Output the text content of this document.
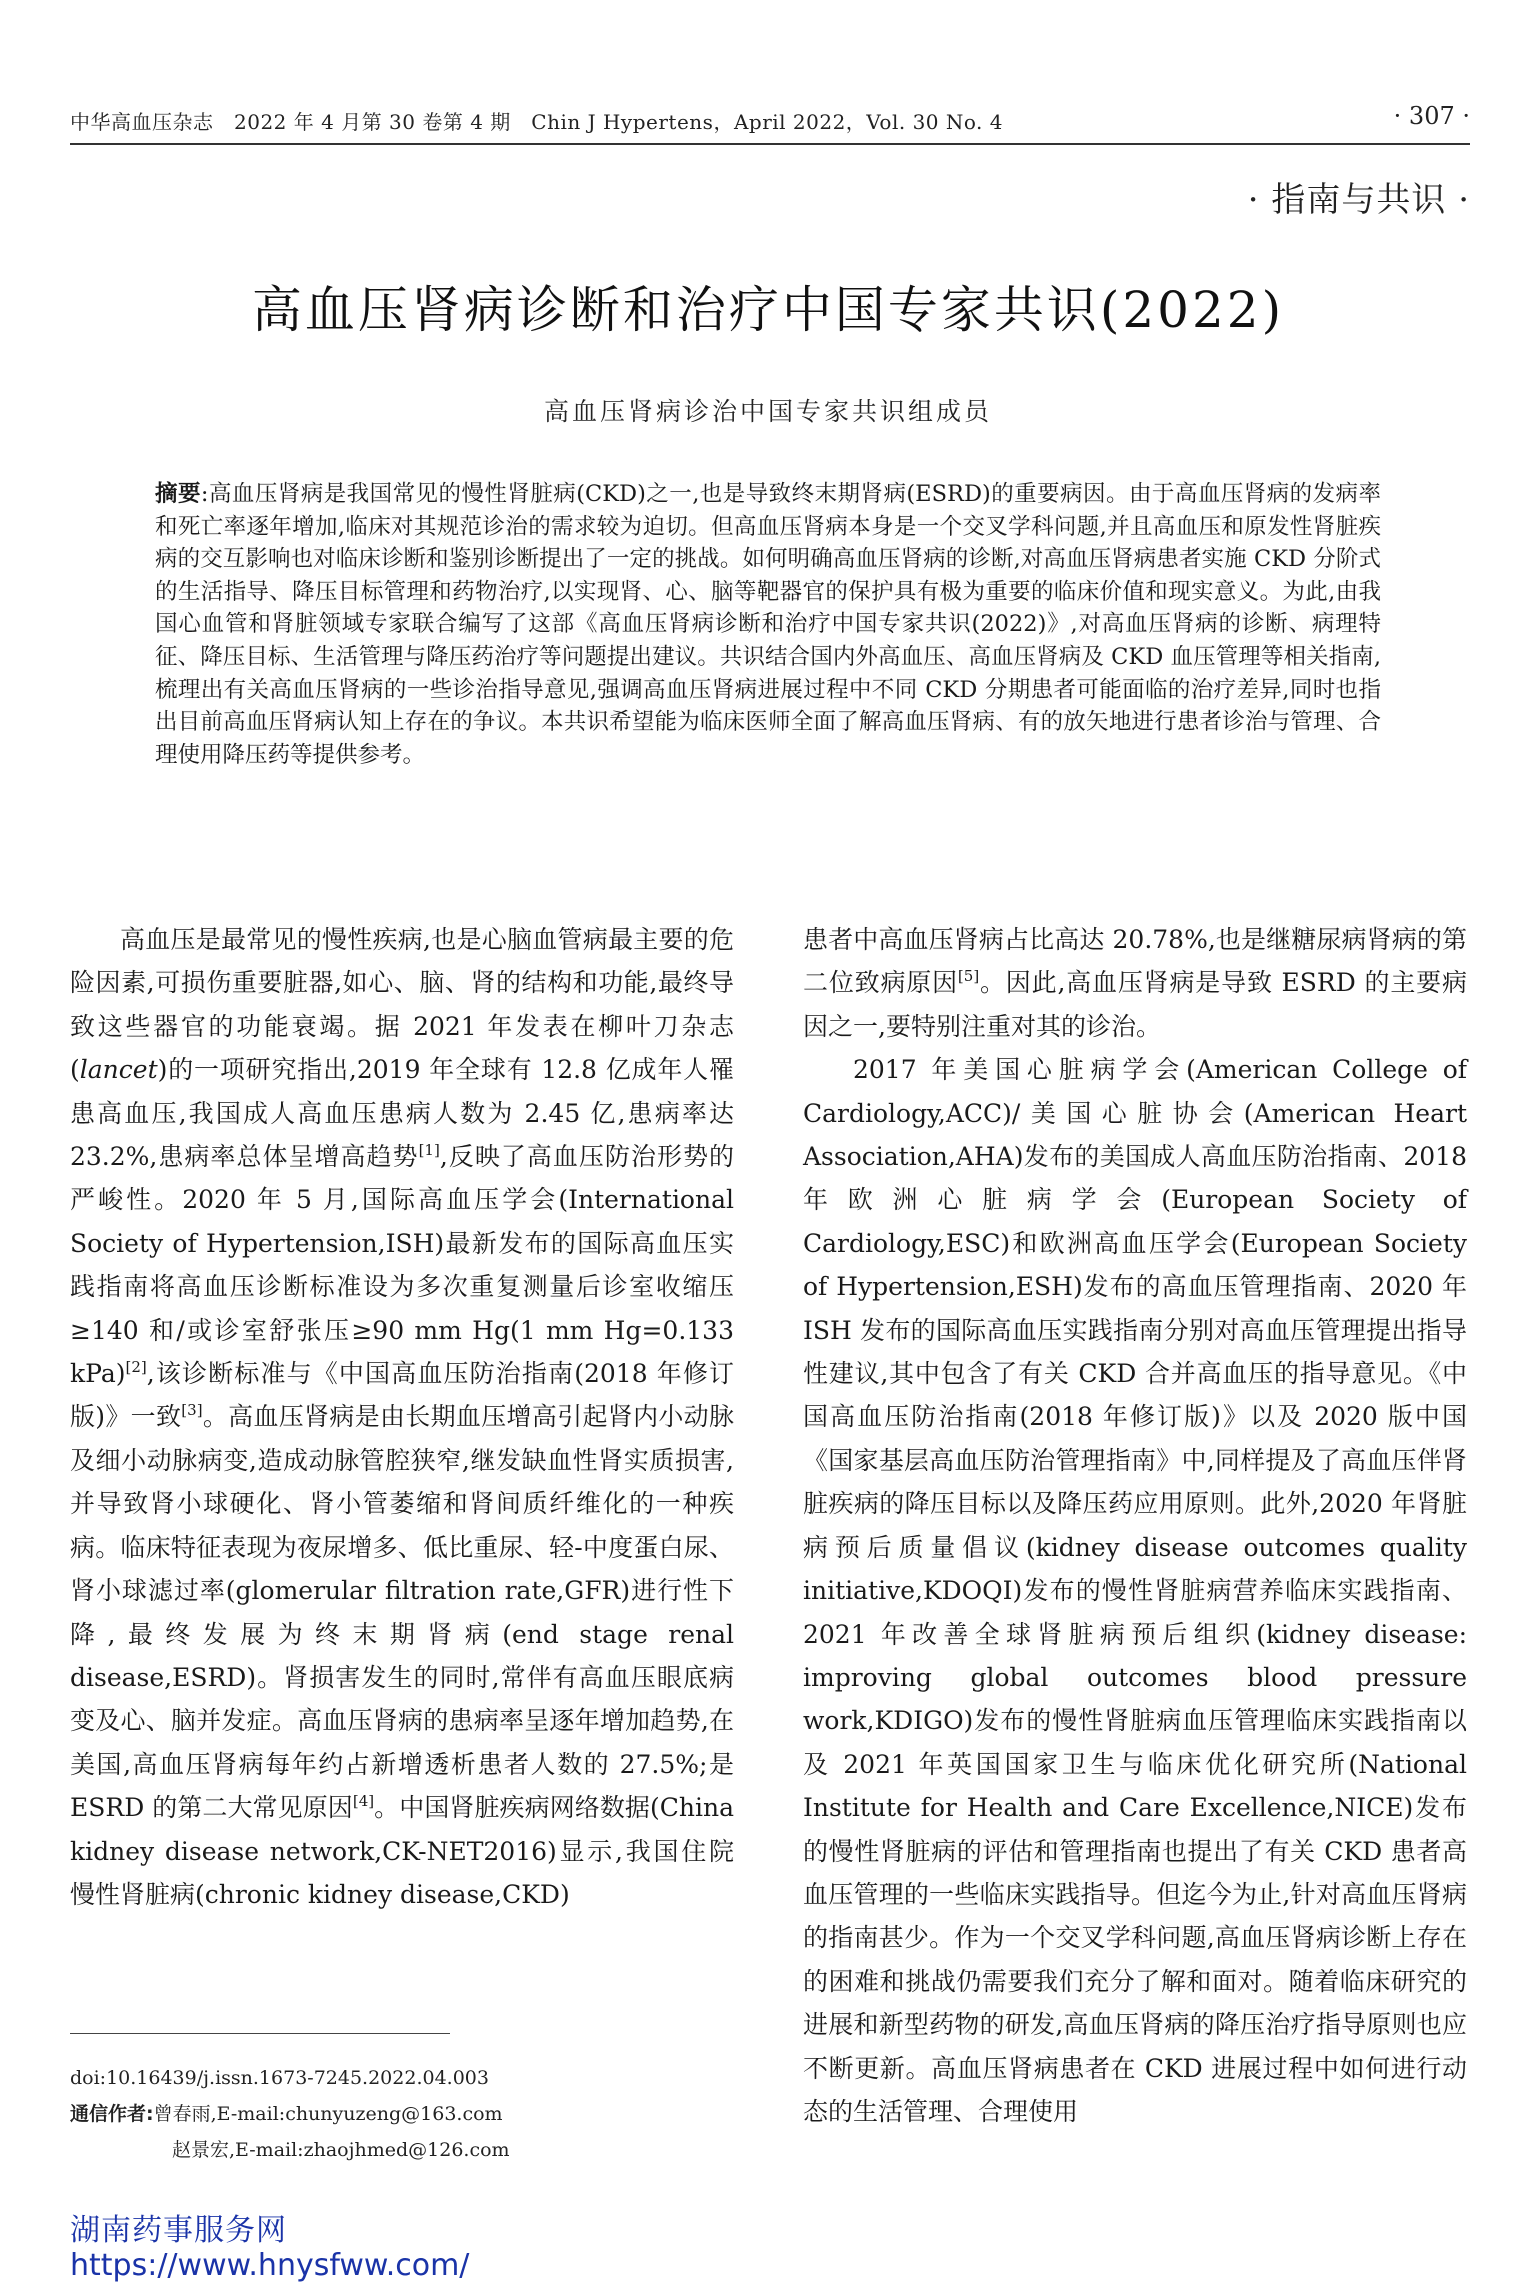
中华高血压杂志　2022 年 4 月第 30 卷第 4 期　Chin J Hypertens，April 2022，Vol. 30 No. 4	· 307 ·
· 指南与共识 ·
高血压肾病诊断和治疗中国专家共识(2022)
高血压肾病诊治中国专家共识组成员
摘要:高血压肾病是我国常见的慢性肾脏病(CKD)之一,也是导致终末期肾病(ESRD)的重要病因。由于高血压肾病的发病率和死亡率逐年增加,临床对其规范诊治的需求较为迫切。但高血压肾病本身是一个交叉学科问题,并且高血压和原发性肾脏疾病的交互影响也对临床诊断和鉴别诊断提出了一定的挑战。如何明确高血压肾病的诊断,对高血压肾病患者实施 CKD 分阶式的生活指导、降压目标管理和药物治疗,以实现肾、心、脑等靶器官的保护具有极为重要的临床价值和现实意义。为此,由我国心血管和肾脏领域专家联合编写了这部《高血压肾病诊断和治疗中国专家共识(2022)》,对高血压肾病的诊断、病理特征、降压目标、生活管理与降压药治疗等问题提出建议。共识结合国内外高血压、高血压肾病及 CKD 血压管理等相关指南,梳理出有关高血压肾病的一些诊治指导意见,强调高血压肾病进展过程中不同 CKD 分期患者可能面临的治疗差异,同时也指出目前高血压肾病认知上存在的争议。本共识希望能为临床医师全面了解高血压肾病、有的放矢地进行患者诊治与管理、合理使用降压药等提供参考。

高血压是最常见的慢性疾病,也是心脑血管病最主要的危险因素,可损伤重要脏器,如心、脑、肾的结构和功能,最终导致这些器官的功能衰竭。据 2021 年发表在柳叶刀杂志(lancet)的一项研究指出,2019 年全球有 12.8 亿成年人罹患高血压,我国成人高血压患病人数为 2.45 亿,患病率达 23.2%,患病率总体呈增高趋势[1],反映了高血压防治形势的严峻性。2020 年 5 月,国际高血压学会(International Society of Hypertension,ISH)最新发布的国际高血压实践指南将高血压诊断标准设为多次重复测量后诊室收缩压≥140 和/或诊室舒张压≥90 mm Hg(1 mm Hg=0.133 kPa)[2],该诊断标准与《中国高血压防治指南(2018 年修订版)》一致[3]。高血压肾病是由长期血压增高引起肾内小动脉及细小动脉病变,造成动脉管腔狭窄,继发缺血性肾实质损害,并导致肾小球硬化、肾小管萎缩和肾间质纤维化的一种疾病。临床特征表现为夜尿增多、低比重尿、轻-中度蛋白尿、肾小球滤过率(glomerular filtration rate,GFR)进行性下降,最终发展为终末期肾病(end stage renal disease,ESRD)。肾损害发生的同时,常伴有高血压眼底病变及心、脑并发症。高血压肾病的患病率呈逐年增加趋势,在美国,高血压肾病每年约占新增透析患者人数的 27.5%;是 ESRD 的第二大常见原因[4]。中国肾脏疾病网络数据(China kidney disease network,CK-NET2016)显示,我国住院慢性肾脏病(chronic kidney disease,CKD)

患者中高血压肾病占比高达 20.78%,也是继糖尿病肾病的第二位致病原因[5]。因此,高血压肾病是导致 ESRD 的主要病因之一,要特别注重对其的诊治。

2017 年美国心脏病学会(American College of Cardiology,ACC)/美国心脏协会(American Heart Association,AHA)发布的美国成人高血压防治指南、2018 年欧洲心脏病学会(European Society of Cardiology,ESC)和欧洲高血压学会(European Society of Hypertension,ESH)发布的高血压管理指南、2020 年 ISH 发布的国际高血压实践指南分别对高血压管理提出指导性建议,其中包含了有关 CKD 合并高血压的指导意见。《中国高血压防治指南(2018 年修订版)》以及 2020 版中国《国家基层高血压防治管理指南》中,同样提及了高血压伴肾脏疾病的降压目标以及降压药应用原则。此外,2020 年肾脏病预后质量倡议(kidney disease outcomes quality initiative,KDOQI)发布的慢性肾脏病营养临床实践指南、2021 年改善全球肾脏病预后组织(kidney disease: improving global outcomes blood pressure work,KDIGO)发布的慢性肾脏病血压管理临床实践指南以及 2021 年英国国家卫生与临床优化研究所(National Institute for Health and Care Excellence,NICE)发布的慢性肾脏病的评估和管理指南也提出了有关 CKD 患者高血压管理的一些临床实践指导。但迄今为止,针对高血压肾病的指南甚少。作为一个交叉学科问题,高血压肾病诊断上存在的困难和挑战仍需要我们充分了解和面对。随着临床研究的进展和新型药物的研发,高血压肾病的降压治疗指导原则也应不断更新。高血压肾病患者在 CKD 进展过程中如何进行动态的生活管理、合理使用

doi:10.16439/j.issn.1673-7245.2022.04.003
通信作者:曾春雨,E-mail:chunyuzeng@163.com
赵景宏,E-mail:zhaojhmed@126.com
湖南药事服务网
https://www.hnysfww.com/
